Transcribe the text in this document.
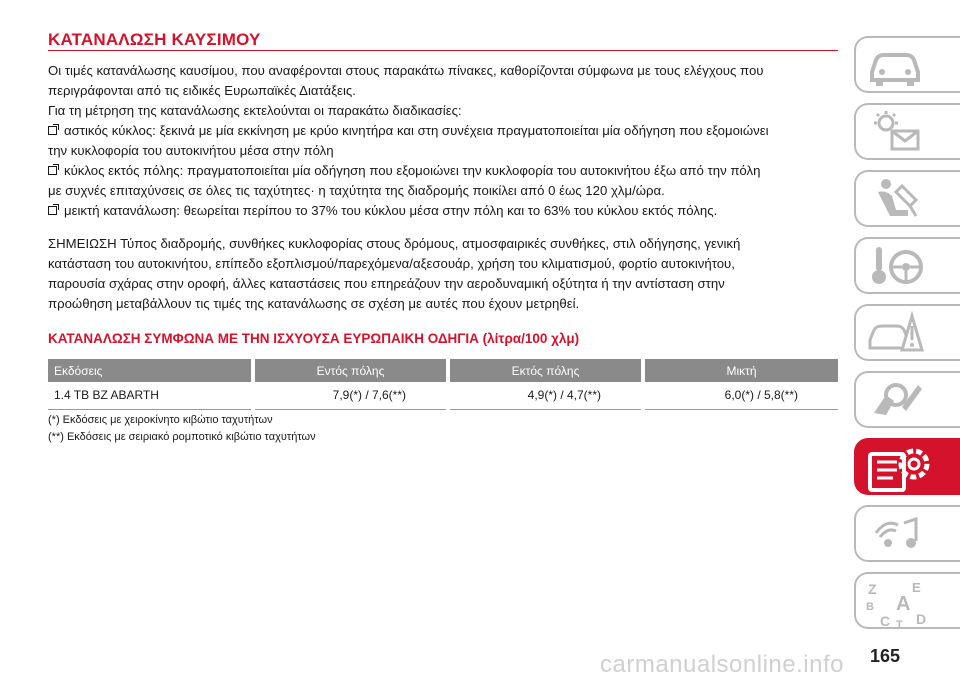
ΚΑΤΑΝΑΛΩΣΗ ΚΑΥΣΙΜΟΥ
Οι τιμές κατανάλωσης καυσίμου, που αναφέρονται στους παρακάτω πίνακες, καθορίζονται σύμφωνα με τους ελέγχους που
περιγράφονται από τις ειδικές Ευρωπαϊκές Διατάξεις.
Για τη μέτρηση της κατανάλωσης εκτελούνται οι παρακάτω διαδικασίες:
αστικός κύκλος: ξεκινά με μία εκκίνηση με κρύο κινητήρα και στη συνέχεια πραγματοποιείται μία οδήγηση που εξομοιώνει
την κυκλοφορία του αυτοκινήτου μέσα στην πόλη
κύκλος εκτός πόλης: πραγματοποιείται μία οδήγηση που εξομοιώνει την κυκλοφορία του αυτοκινήτου έξω από την πόλη
με συχνές επιταχύνσεις σε όλες τις ταχύτητες· η ταχύτητα της διαδρομής ποικίλει από 0 έως 120 χλμ/ώρα.
μεικτή κατανάλωση: θεωρείται περίπου το 37% του κύκλου μέσα στην πόλη και το 63% του κύκλου εκτός πόλης.
ΣΗΜΕΙΩΣΗ Τύπος διαδρομής, συνθήκες κυκλοφορίας στους δρόμους, ατμοσφαιρικές συνθήκες, στιλ οδήγησης, γενική
κατάσταση του αυτοκινήτου, επίπεδο εξοπλισμού/παρεχόμενα/αξεσουάρ, χρήση του κλιματισμού, φορτίο αυτοκινήτου,
παρουσία σχάρας στην οροφή, άλλες καταστάσεις που επηρεάζουν την αεροδυναμική οξύτητα ή την αντίσταση στην
προώθηση μεταβάλλουν τις τιμές της κατανάλωσης σε σχέση με αυτές που έχουν μετρηθεί.
ΚΑΤΑΝΑΛΩΣΗ ΣΥΜΦΩΝΑ ΜΕ ΤΗΝ ΙΣΧΥΟΥΣΑ ΕΥΡΩΠΑΙΚΗ ΟΔΗΓΙΑ (λίτρα/100 χλμ)
Εκδόσεις	Εντός πόλης	Εκτός πόλης	Μικτή
1.4 TB BZ ABARTH	7,9(*) / 7,6(**)	4,9(*) / 4,7(**)	6,0(*) / 5,8(**)
(*) Εκδόσεις με χειροκίνητο κιβώτιο ταχυτήτων
(**) Εκδόσεις με σειριακό ρομποτικό κιβώτιο ταχυτήτων
Z	E
B A
C D
T
carmanualsonline.info 165
